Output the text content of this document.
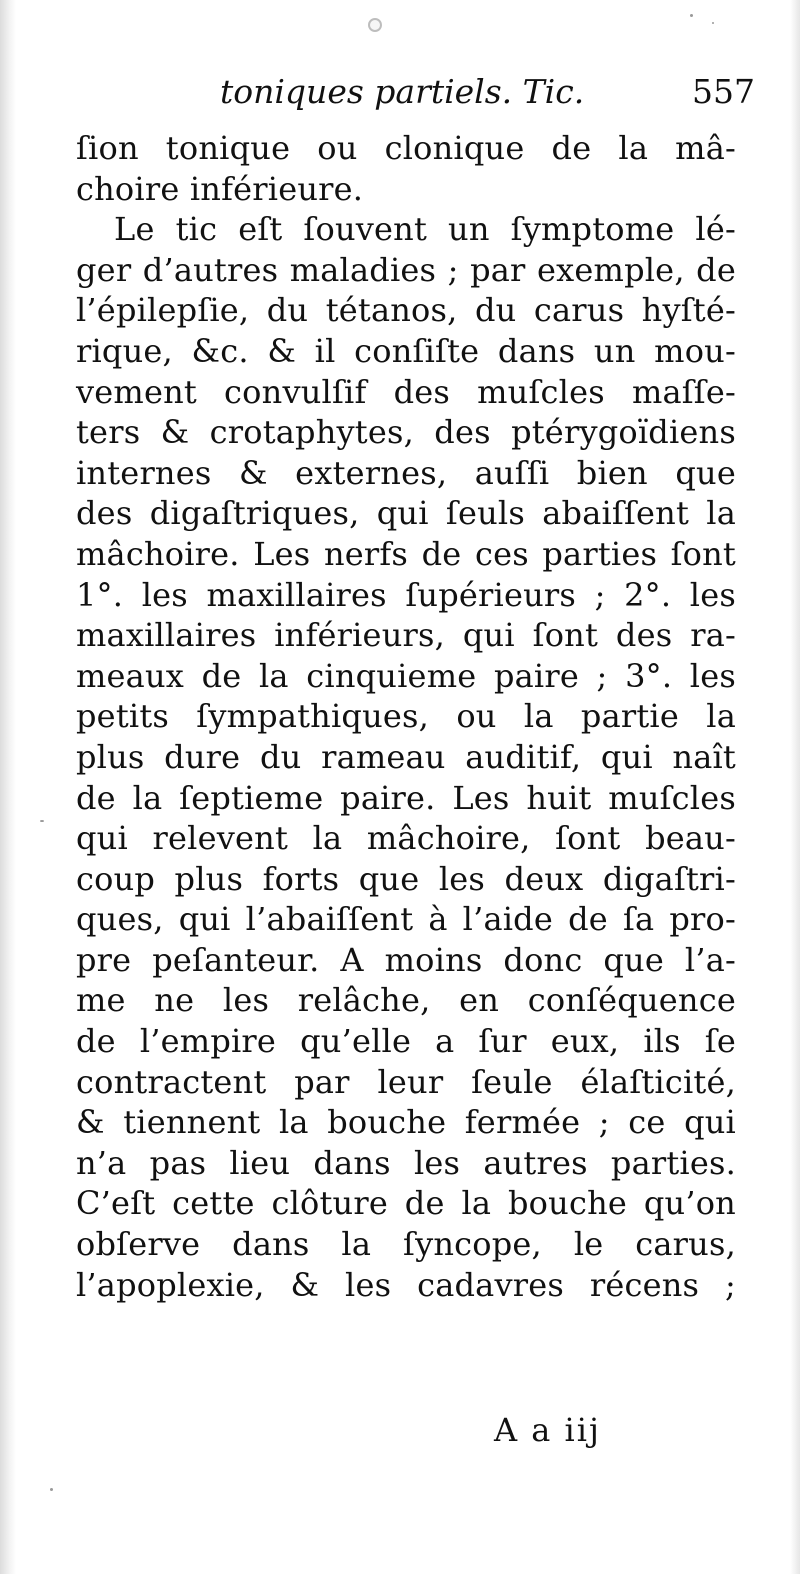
toniques partiels. Tic.	557
ſion tonique ou clonique de la mâ-
choire inférieure.
Le tic eſt ſouvent un ſymptome lé-
ger d’autres maladies ; par exemple, de
l’épilepſie, du tétanos, du carus hyſté-
rique, &c. & il conſiſte dans un mou-
vement convulſif des muſcles maſſe-
ters & crotaphytes, des ptérygoïdiens
internes & externes, auſſi bien que
des digaſtriques, qui ſeuls abaiſſent la
mâchoire. Les nerfs de ces parties ſont
1°. les maxillaires ſupérieurs ; 2°. les
maxillaires inférieurs, qui ſont des ra-
meaux de la cinquieme paire ; 3°. les
petits ſympathiques, ou la partie la
plus dure du rameau auditif, qui naît
de la ſeptieme paire. Les huit muſcles
qui relevent la mâchoire, ſont beau-
coup plus forts que les deux digaſtri-
ques, qui l’abaiſſent à l’aide de ſa pro-
pre peſanteur. A moins donc que l’a-
me ne les relâche, en conſéquence
de l’empire qu’elle a ſur eux, ils ſe
contractent par leur ſeule élaſticité,
& tiennent la bouche fermée ; ce qui
n’a pas lieu dans les autres parties.
C’eſt cette clôture de la bouche qu’on
obſerve dans la ſyncope, le carus,
l’apoplexie, & les cadavres récens ;
A a iij
